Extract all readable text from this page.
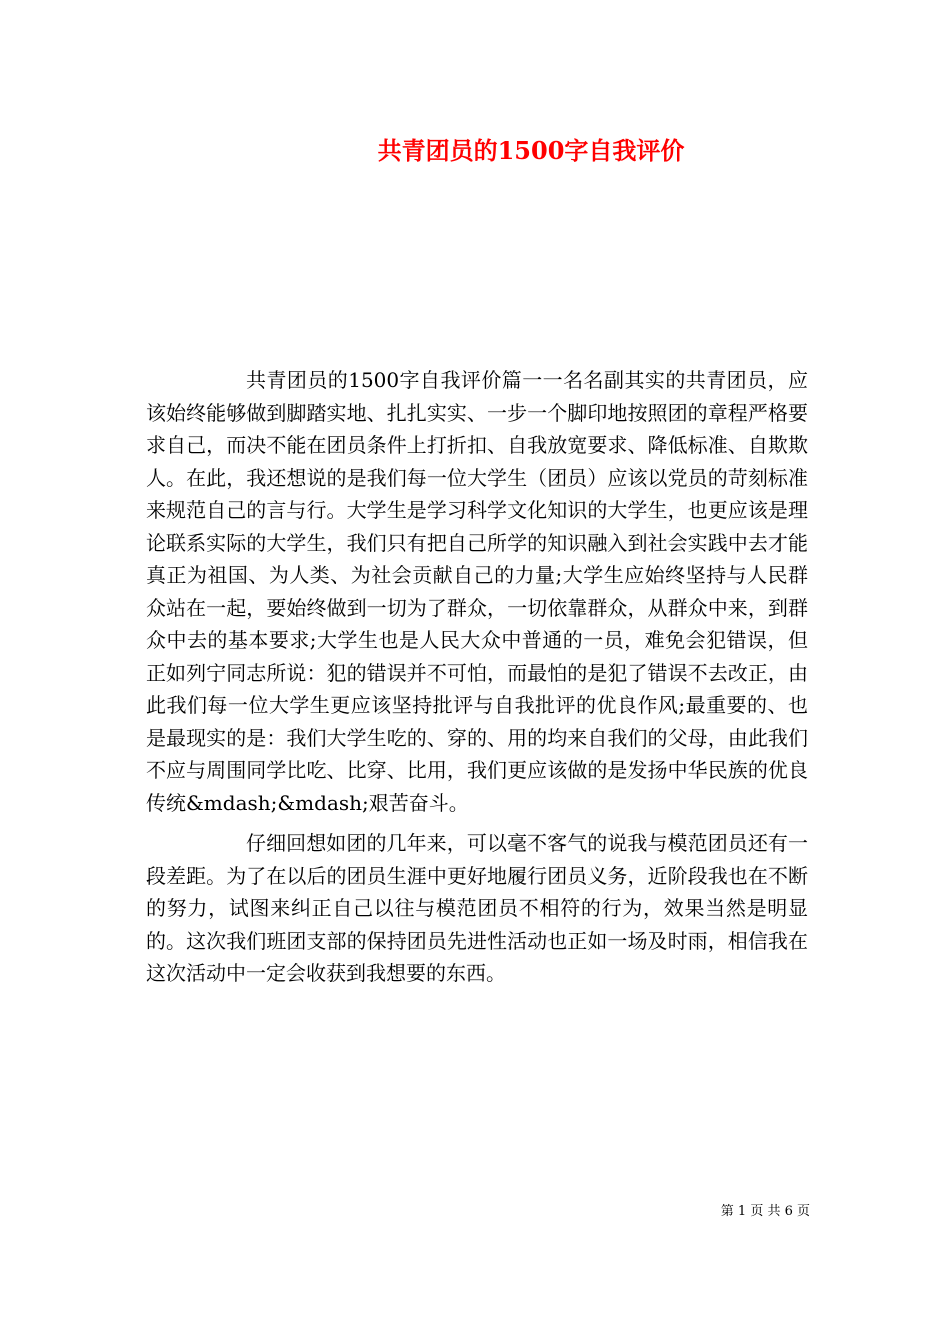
共青团员的1500字自我评价

共青团员的1500字自我评价篇一一名名副其实的共青团员，应该始终能够做到脚踏实地、扎扎实实、一步一个脚印地按照团的章程严格要求自己，而决不能在团员条件上打折扣、自我放宽要求、降低标准、自欺欺人。在此，我还想说的是我们每一位大学生（团员）应该以党员的苛刻标准来规范自己的言与行。大学生是学习科学文化知识的大学生，也更应该是理论联系实际的大学生，我们只有把自己所学的知识融入到社会实践中去才能真正为祖国、为人类、为社会贡献自己的力量;大学生应始终坚持与人民群众站在一起，要始终做到一切为了群众，一切依靠群众，从群众中来，到群众中去的基本要求;大学生也是人民大众中普通的一员，难免会犯错误，但正如列宁同志所说：犯的错误并不可怕，而最怕的是犯了错误不去改正，由此我们每一位大学生更应该坚持批评与自我批评的优良作风;最重要的、也是最现实的是：我们大学生吃的、穿的、用的均来自我们的父母，由此我们不应与周围同学比吃、比穿、比用，我们更应该做的是发扬中华民族的优良传统&mdash;&mdash;艰苦奋斗。

仔细回想如团的几年来，可以毫不客气的说我与模范团员还有一段差距。为了在以后的团员生涯中更好地履行团员义务，近阶段我也在不断的努力，试图来纠正自己以往与模范团员不相符的行为，效果当然是明显的。这次我们班团支部的保持团员先进性活动也正如一场及时雨，相信我在这次活动中一定会收获到我想要的东西。

第 1 页 共 6 页
